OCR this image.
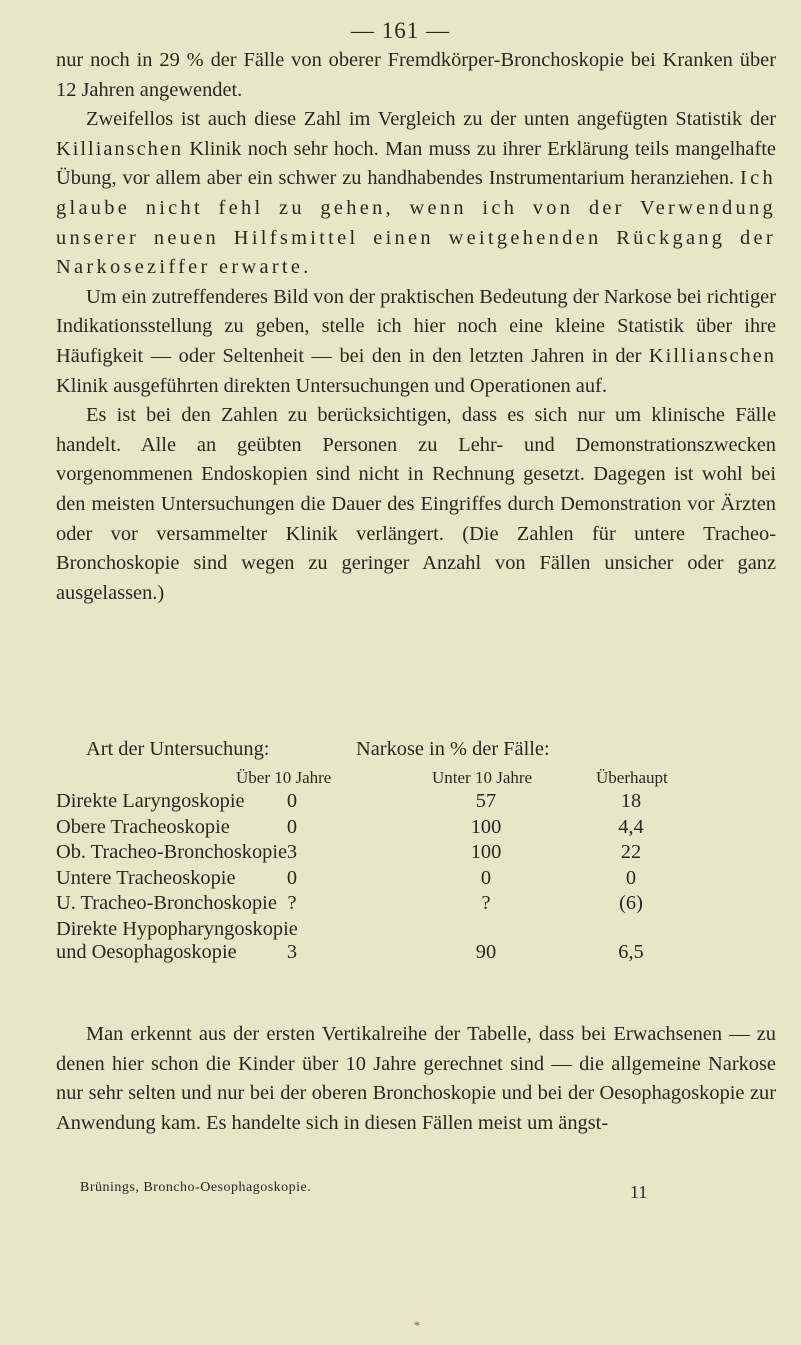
— 161 —

nur noch in 29 % der Fälle von oberer Fremdkörper-Bronchoskopie bei Kranken über 12 Jahren angewendet.

Zweifellos ist auch diese Zahl im Vergleich zu der unten angefügten Statistik der Killianschen Klinik noch sehr hoch. Man muss zu ihrer Erklärung teils mangelhafte Übung, vor allem aber ein schwer zu handhabendes Instrumentarium heranziehen. Ich glaube nicht fehl zu gehen, wenn ich von der Verwendung unserer neuen Hilfsmittel einen weitgehenden Rückgang der Narkoseziffer erwarte.

Um ein zutreffenderes Bild von der praktischen Bedeutung der Narkose bei richtiger Indikationsstellung zu geben, stelle ich hier noch eine kleine Statistik über ihre Häufigkeit — oder Seltenheit — bei den in den letzten Jahren in der Killianschen Klinik ausgeführten direkten Untersuchungen und Operationen auf.

Es ist bei den Zahlen zu berücksichtigen, dass es sich nur um klinische Fälle handelt. Alle an geübten Personen zu Lehr- und Demonstrationszwecken vorgenommenen Endoskopien sind nicht in Rechnung gesetzt. Dagegen ist wohl bei den meisten Untersuchungen die Dauer des Eingriffes durch Demonstration vor Ärzten oder vor versammelter Klinik verlängert. (Die Zahlen für untere Tracheo-Bronchoskopie sind wegen zu geringer Anzahl von Fällen unsicher oder ganz ausgelassen.)

Art der Untersuchung:	Narkose in % der Fälle:
Über 10 Jahre	Unter 10 Jahre	Überhaupt
Direkte Laryngoskopie	0	57	18
Obere Tracheoskopie	0	100	4,4
Ob. Tracheo-Bronchoskopie 3	100	22
Untere Tracheoskopie	0	0	0
U. Tracheo-Bronchoskopie ?	?	(6)
Direkte Hypopharyngoskopie
und Oesophagoskopie	3	90	6,5

Man erkennt aus der ersten Vertikalreihe der Tabelle, dass bei Erwachsenen — zu denen hier schon die Kinder über 10 Jahre gerechnet sind — die allgemeine Narkose nur sehr selten und nur bei der oberen Bronchoskopie und bei der Oesophagoskopie zur Anwendung kam. Es handelte sich in diesen Fällen meist um ängst-

Brünings, Broncho-Oesophagoskopie.	11
*
